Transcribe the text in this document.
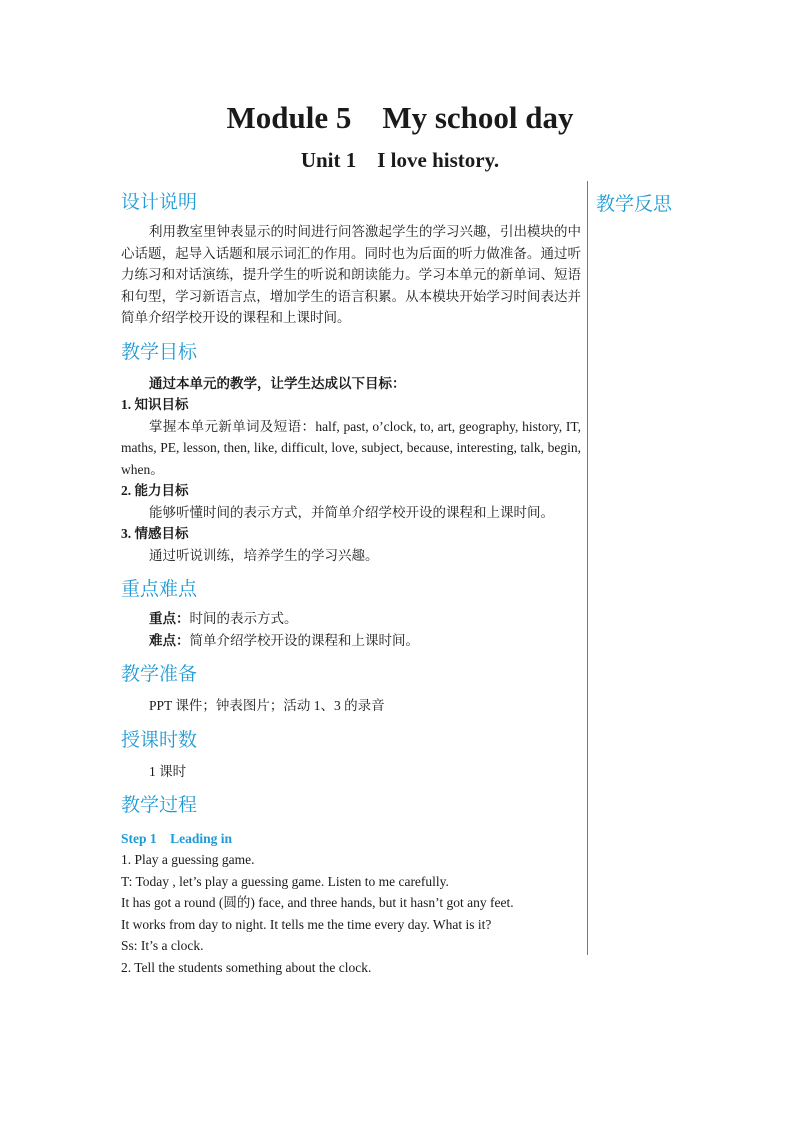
Module 5    My school day
Unit 1    I love history.
教学反思
设计说明

利用教室里钟表显示的时间进行问答激起学生的学习兴趣，引出模块的中心话题，起导入话题和展示词汇的作用。同时也为后面的听力做准备。通过听力练习和对话演练，提升学生的听说和朗读能力。学习本单元的新单词、短语和句型，学习新语言点，增加学生的语言积累。从本模块开始学习时间表达并简单介绍学校开设的课程和上课时间。

教学目标
通过本单元的教学，让学生达成以下目标：
1. 知识目标

掌握本单元新单词及短语：half, past, o’clock, to, art, geography, history, IT, maths, PE, lesson, then, like, difficult, love, subject, because, interesting, talk, begin, when。

2. 能力目标
能够听懂时间的表示方式，并简单介绍学校开设的课程和上课时间。
3. 情感目标
通过听说训练，培养学生的学习兴趣。
重点难点
重点：时间的表示方式。
难点：简单介绍学校开设的课程和上课时间。
教学准备
PPT 课件；钟表图片；活动 1、3 的录音
授课时数
1 课时
教学过程
Step 1    Leading in
1. Play a guessing game.
T: Today , let’s play a guessing game. Listen to me carefully.
It has got a round (圆的) face, and three hands, but it hasn’t got any feet.
It works from day to night. It tells me the time every day. What is it?
Ss: It’s a clock.
2. Tell the students something about the clock.
